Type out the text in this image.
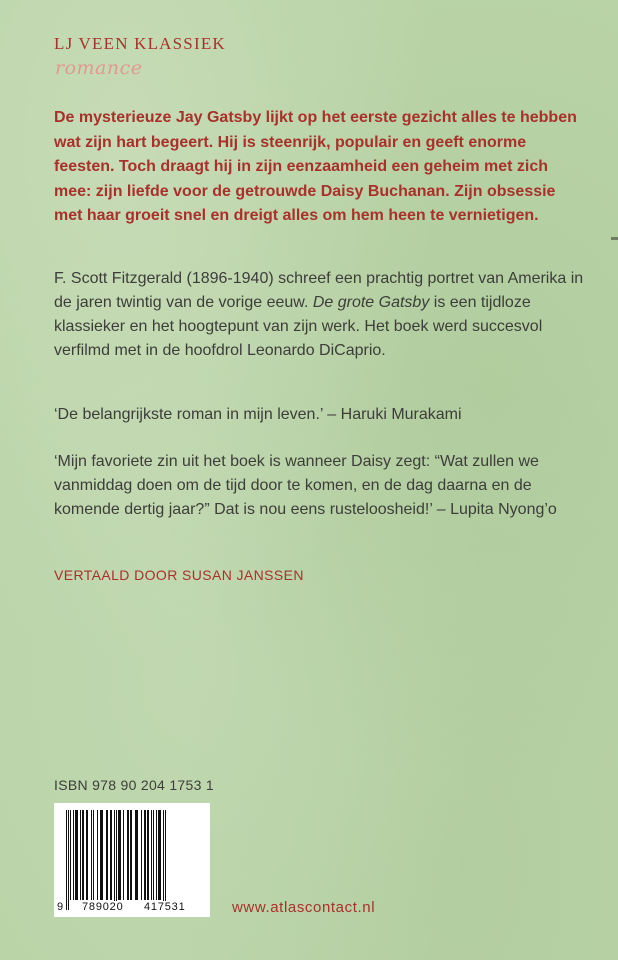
LJ VEEN KLASSIEK
romance

De mysterieuze Jay Gatsby lijkt op het eerste gezicht alles te hebben wat zijn hart begeert. Hij is steenrijk, populair en geeft enorme feesten. Toch draagt hij in zijn eenzaamheid een geheim met zich mee: zijn liefde voor de getrouwde Daisy Buchanan. Zijn obsessie met haar groeit snel en dreigt alles om hem heen te vernietigen.

F. Scott Fitzgerald (1896-1940) schreef een prachtig portret van Amerika in de jaren twintig van de vorige eeuw. De grote Gatsby is een tijdloze klassieker en het hoogtepunt van zijn werk. Het boek werd succesvol verfilmd met in de hoofdrol Leonardo DiCaprio.

‘De belangrijkste roman in mijn leven.’ – Haruki Murakami

‘Mijn favoriete zin uit het boek is wanneer Daisy zegt: “Wat zullen we vanmiddag doen om de tijd door te komen, en de dag daarna en de komende dertig jaar?” Dat is nou eens rusteloosheid!’ – Lupita Nyong’o

VERTAALD DOOR SUSAN JANSSEN

ISBN 978 90 204 1753 1
9 789020 417531	www.atlascontact.nl
